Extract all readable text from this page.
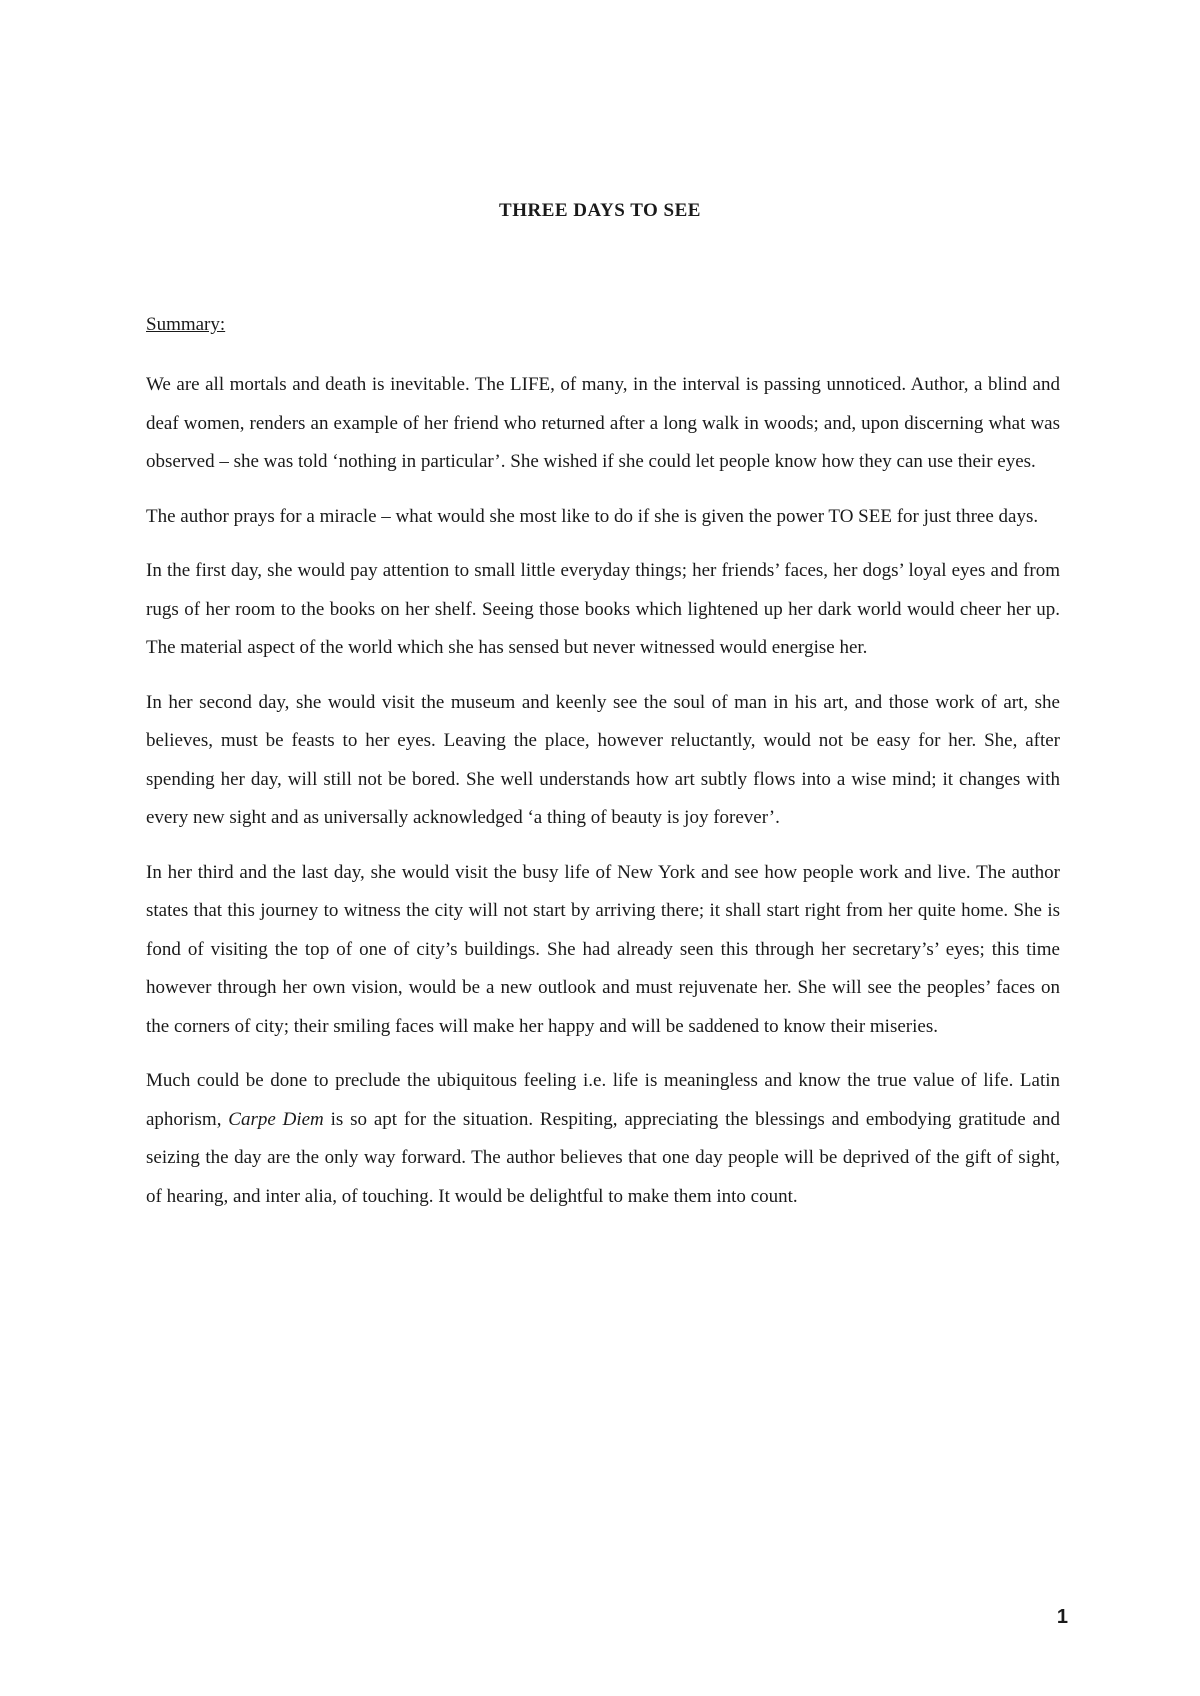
THREE DAYS TO SEE

Summary:

We are all mortals and death is inevitable. The LIFE, of many, in the interval is passing unnoticed. Author, a blind and deaf women, renders an example of her friend who returned after a long walk in woods; and, upon discerning what was observed – she was told ‘nothing in particular’. She wished if she could let people know how they can use their eyes.

The author prays for a miracle – what would she most like to do if she is given the power TO SEE for just three days.

In the first day, she would pay attention to small little everyday things; her friends’ faces, her dogs’ loyal eyes and from rugs of her room to the books on her shelf. Seeing those books which lightened up her dark world would cheer her up. The material aspect of the world which she has sensed but never witnessed would energise her.

In her second day, she would visit the museum and keenly see the soul of man in his art, and those work of art, she believes, must be feasts to her eyes. Leaving the place, however reluctantly, would not be easy for her. She, after spending her day, will still not be bored. She well understands how art subtly flows into a wise mind; it changes with every new sight and as universally acknowledged ‘a thing of beauty is joy forever’.

In her third and the last day, she would visit the busy life of New York and see how people work and live. The author states that this journey to witness the city will not start by arriving there; it shall start right from her quite home. She is fond of visiting the top of one of city’s buildings. She had already seen this through her secretary’s’ eyes; this time however through her own vision, would be a new outlook and must rejuvenate her. She will see the peoples’ faces on the corners of city; their smiling faces will make her happy and will be saddened to know their miseries.

Much could be done to preclude the ubiquitous feeling i.e. life is meaningless and know the true value of life. Latin aphorism, Carpe Diem is so apt for the situation. Respiting, appreciating the blessings and embodying gratitude and seizing the day are the only way forward. The author believes that one day people will be deprived of the gift of sight, of hearing, and inter alia, of touching. It would be delightful to make them into count.

1
